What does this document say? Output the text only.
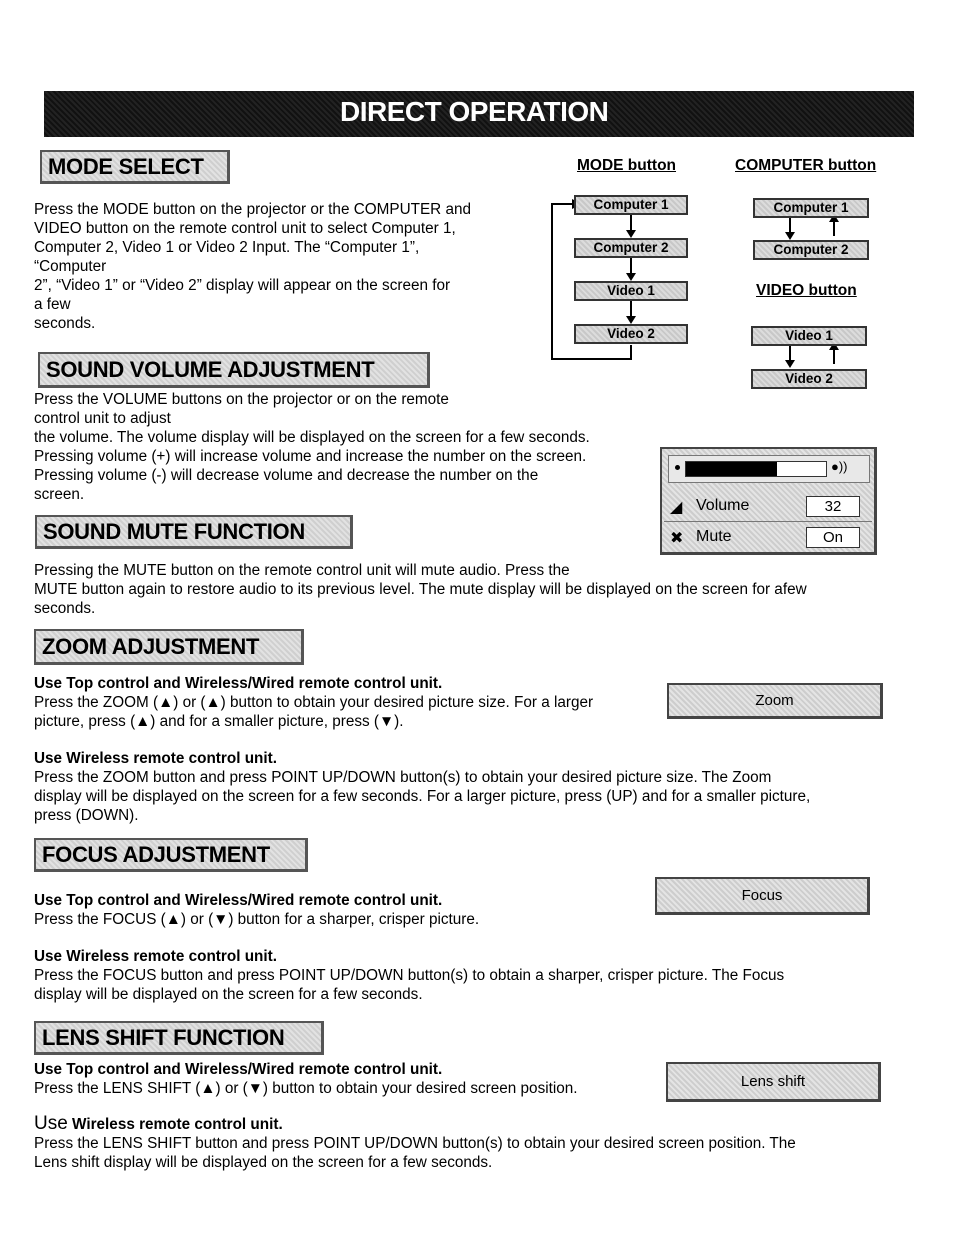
DIRECT OPERATION
MODE SELECT
Press the MODE button on the projector or the COMPUTER and
VIDEO button on the remote control unit to select Computer 1,
Computer 2, Video 1 or Video 2 Input. The “Computer 1”,
“Computer
2”, “Video 1” or “Video 2” display will appear on the screen for
a few
seconds.
MODE button	COMPUTER button
VIDEO button
Computer 1
Computer 2
Video 1
Video 2
Computer 1
Computer 2
Video 1
Video 2
SOUND VOLUME ADJUSTMENT
Press the VOLUME buttons on the projector or on the remote
control unit to adjust
the volume. The volume display will be displayed on the screen for a few seconds.
Pressing volume (+) will increase volume and increase the number on the screen.
Pressing volume (-) will decrease volume and decrease the number on the
screen.
●))
◢ Volume	32
✖ Mute	On
SOUND MUTE FUNCTION
Pressing the MUTE button on the remote control unit will mute audio. Press the
MUTE button again to restore audio to its previous level. The mute display will be displayed on the screen for afew
seconds.
ZOOM ADJUSTMENT
Use Top control and Wireless/Wired remote control unit.
Press the ZOOM (▲) or (▲) button to obtain your desired picture size. For a larger
picture, press (▲) and for a smaller picture, press (▼).
Use Wireless remote control unit.
Press the ZOOM button and press POINT UP/DOWN button(s) to obtain your desired picture size. The Zoom
display will be displayed on the screen for a few seconds. For a larger picture, press (UP) and for a smaller picture,
press (DOWN).
Zoom
FOCUS ADJUSTMENT
Use Top control and Wireless/Wired remote control unit.
Press the FOCUS (▲) or (▼) button for a sharper, crisper picture.
Use Wireless remote control unit.
Press the FOCUS button and press POINT UP/DOWN button(s) to obtain a sharper, crisper picture. The Focus
display will be displayed on the screen for a few seconds.
Focus
LENS SHIFT FUNCTION
Use Top control and Wireless/Wired remote control unit.
Press the LENS SHIFT (▲) or (▼) button to obtain your desired screen position.
Use Wireless remote control unit.
Press the LENS SHIFT button and press POINT UP/DOWN button(s) to obtain your desired screen position. The
Lens shift display will be displayed on the screen for a few seconds.
Lens shift
